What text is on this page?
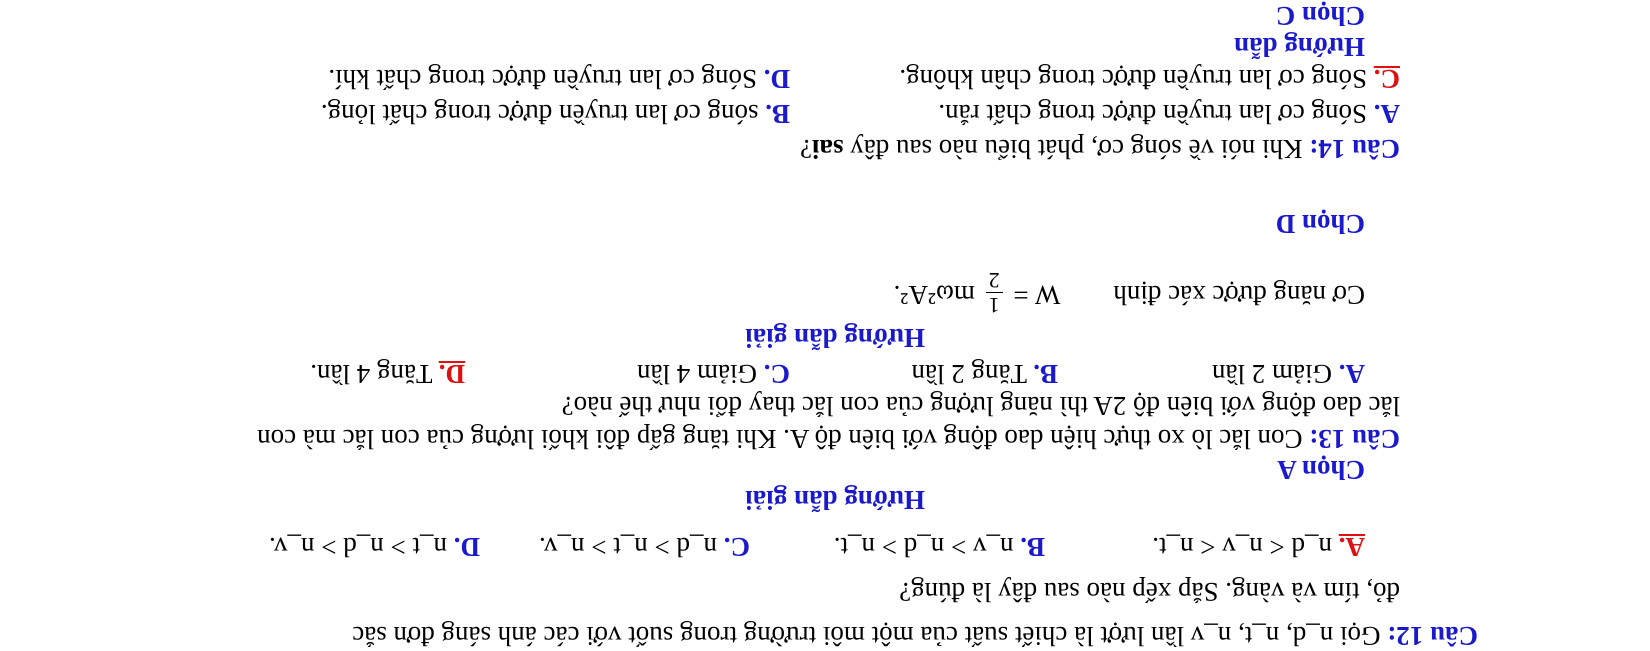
Câu 12: Gọi n_d, n_t, n_v lần lượt là chiết suất của một môi trường trong suốt với các ánh sáng đơn sắc
đỏ, tím và vàng. Sắp xếp nào sau đây là đúng?
A. n_d < n_v < n_t.
B. n_v > n_d > n_t.
C. n_d > n_t > n_v.
D. n_t > n_d > n_v.
Hướng dẫn giải
Chọn A
Câu 13: Con lắc lò xo thực hiện dao động với biên độ A. Khi tăng gấp đôi khối lượng của con lắc mà con
lắc dao động với biên độ 2A thì năng lượng của con lắc thay đổi như thế nào?
A. Giảm 2 lần
B. Tăng 2 lần
C. Giảm 4 lần
D. Tăng 4 lần.
Hướng dẫn giải
Cơ năng được xác định  W =
1
2
mω²A².
Chọn D
Câu 14: Khi nói về sóng cơ, phát biểu nào sau đây sai?
A. Sóng cơ lan truyền được trong chất rắn.
B. sóng cơ lan truyền được trong chất lỏng.
C. Sóng cơ lan truyền được trong chân không.
D. Sóng cơ lan truyền được trong chất khí.
Hướng dẫn
Chọn C
